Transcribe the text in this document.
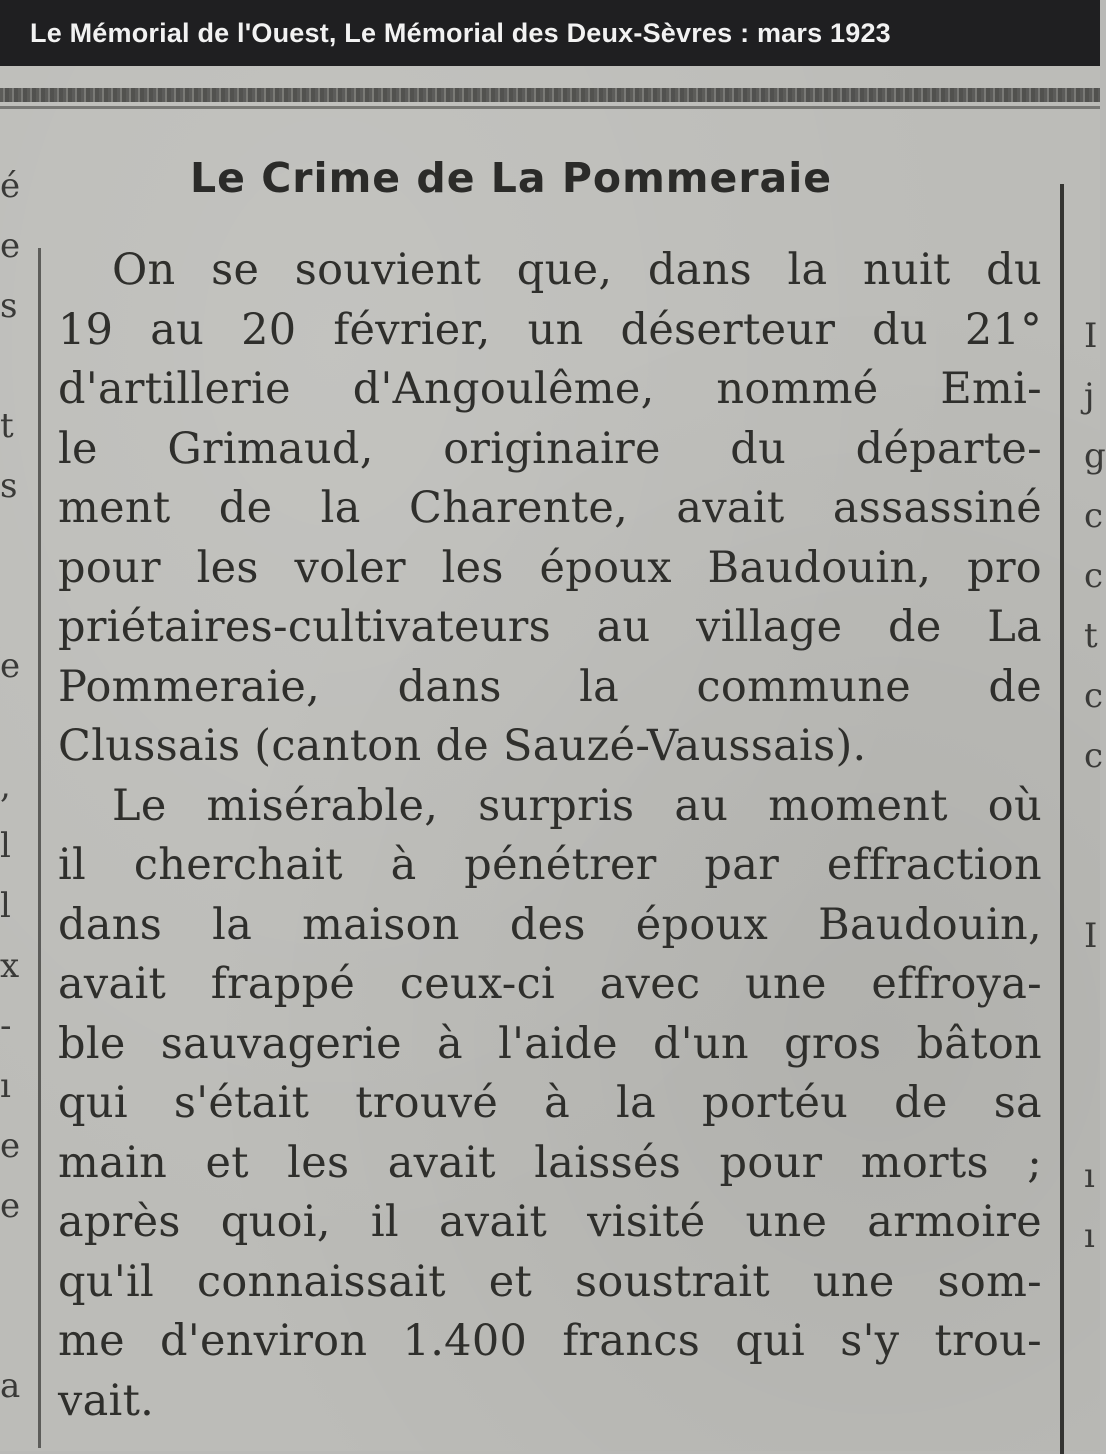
Le Mémorial de l'Ouest, Le Mémorial des Deux-Sèvres : mars 1923
é
e
s
t
s
e
,
l
l
x
-
ı
e
e
a
I
j
g
c
c
t
c
c
I
ı
ı
Le Crime de La Pommeraie
On se souvient que, dans la nuit du
19 au 20 février, un déserteur du 21°
d'artillerie d'Angoulême, nommé Emi-
le Grimaud, originaire du départe-
ment de la Charente, avait assassiné
pour les voler les époux Baudouin, pro
priétaires-cultivateurs au village de La
Pommeraie, dans la commune de
Clussais (canton de Sauzé-Vaussais).
Le misérable, surpris au moment où
il cherchait à pénétrer par effraction
dans la maison des époux Baudouin,
avait frappé ceux-ci avec une effroya-
ble sauvagerie à l'aide d'un gros bâton
qui s'était trouvé à la portéu de sa
main et les avait laissés pour morts ;
après quoi, il avait visité une armoire
qu'il connaissait et soustrait une som-
me d'environ 1.400 francs qui s'y trou-
vait.
